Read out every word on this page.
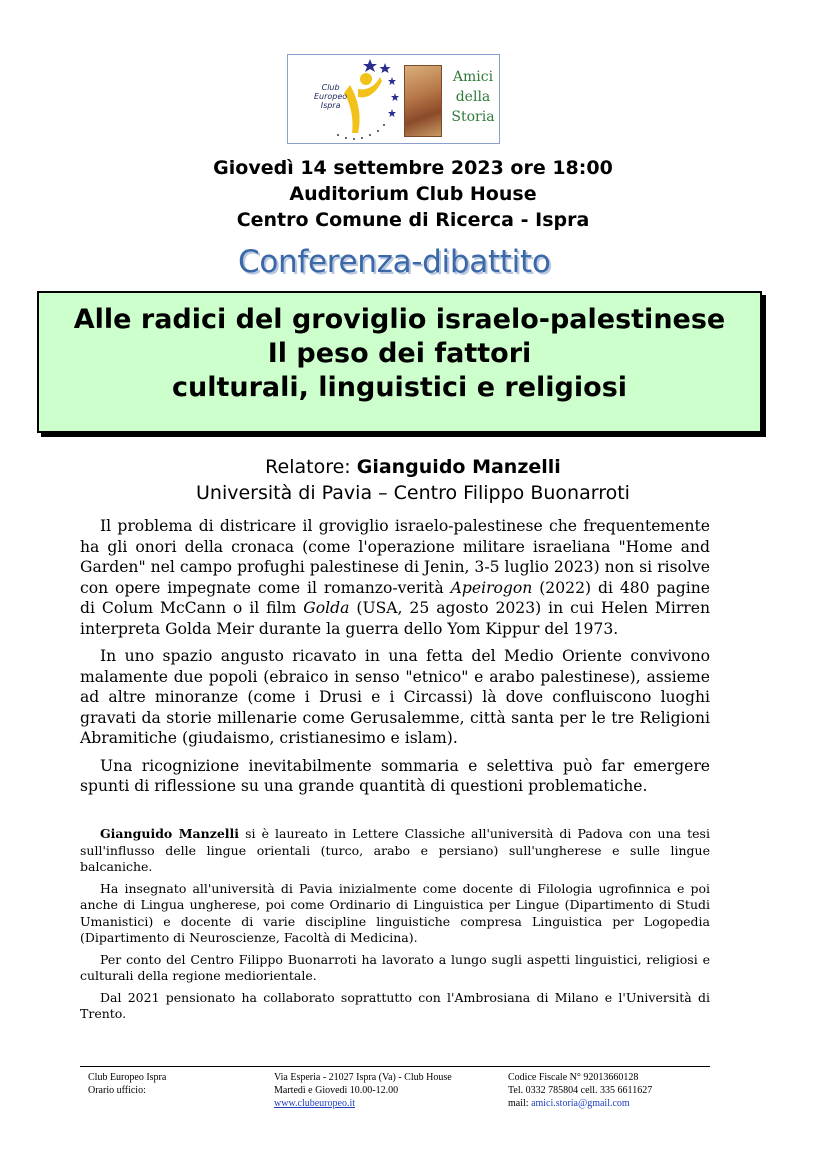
Club
Europeo
Ispra
Amici
della
Storia
Giovedì 14 settembre 2023 ore 18:00
Auditorium Club House
Centro Comune di Ricerca - Ispra
Conferenza-dibattito
Alle radici del groviglio israelo-palestinese
Il peso dei fattori
culturali, linguistici e religiosi
Relatore: Gianguido Manzelli
Università di Pavia – Centro Filippo Buonarroti

Il problema di districare il groviglio israelo-palestinese che frequentemente ha gli onori della cronaca (come l'operazione militare israeliana "Home and Garden" nel campo profughi palestinese di Jenin, 3-5 luglio 2023) non si risolve con opere impegnate come il romanzo-verità Apeirogon (2022) di 480 pagine di Colum McCann o il film Golda (USA, 25 agosto 2023) in cui Helen Mirren interpreta Golda Meir durante la guerra dello Yom Kippur del 1973.

In uno spazio angusto ricavato in una fetta del Medio Oriente convivono malamente due popoli (ebraico in senso "etnico" e arabo palestinese), assieme ad altre minoranze (come i Drusi e i Circassi) là dove confluiscono luoghi gravati da storie millenarie come Gerusalemme, città santa per le tre Religioni Abramitiche (giudaismo, cristianesimo e islam).

Una ricognizione inevitabilmente sommaria e selettiva può far emergere spunti di riflessione su una grande quantità di questioni problematiche.

Gianguido Manzelli si è laureato in Lettere Classiche all'università di Padova con una tesi sull'influsso delle lingue orientali (turco, arabo e persiano) sull'ungherese e sulle lingue balcaniche.

Ha insegnato all'università di Pavia inizialmente come docente di Filologia ugrofinnica e poi anche di Lingua ungherese, poi come Ordinario di Linguistica per Lingue (Dipartimento di Studi Umanistici) e docente di varie discipline linguistiche compresa Linguistica per Logopedia (Dipartimento di Neuroscienze, Facoltà di Medicina).

Per conto del Centro Filippo Buonarroti ha lavorato a lungo sugli aspetti linguistici, religiosi e culturali della regione mediorientale.

Dal 2021 pensionato ha collaborato soprattutto con l'Ambrosiana di Milano e l'Università di Trento.

Club Europeo Ispra
Orario ufficio:
Via Esperia - 21027 Ispra (Va) - Club House
Martedì e Giovedì 10.00-12.00
www.clubeuropeo.it
Codice Fiscale N° 92013660128
Tel. 0332 785804 cell. 335 6611627
mail: amici.storia@gmail.com
